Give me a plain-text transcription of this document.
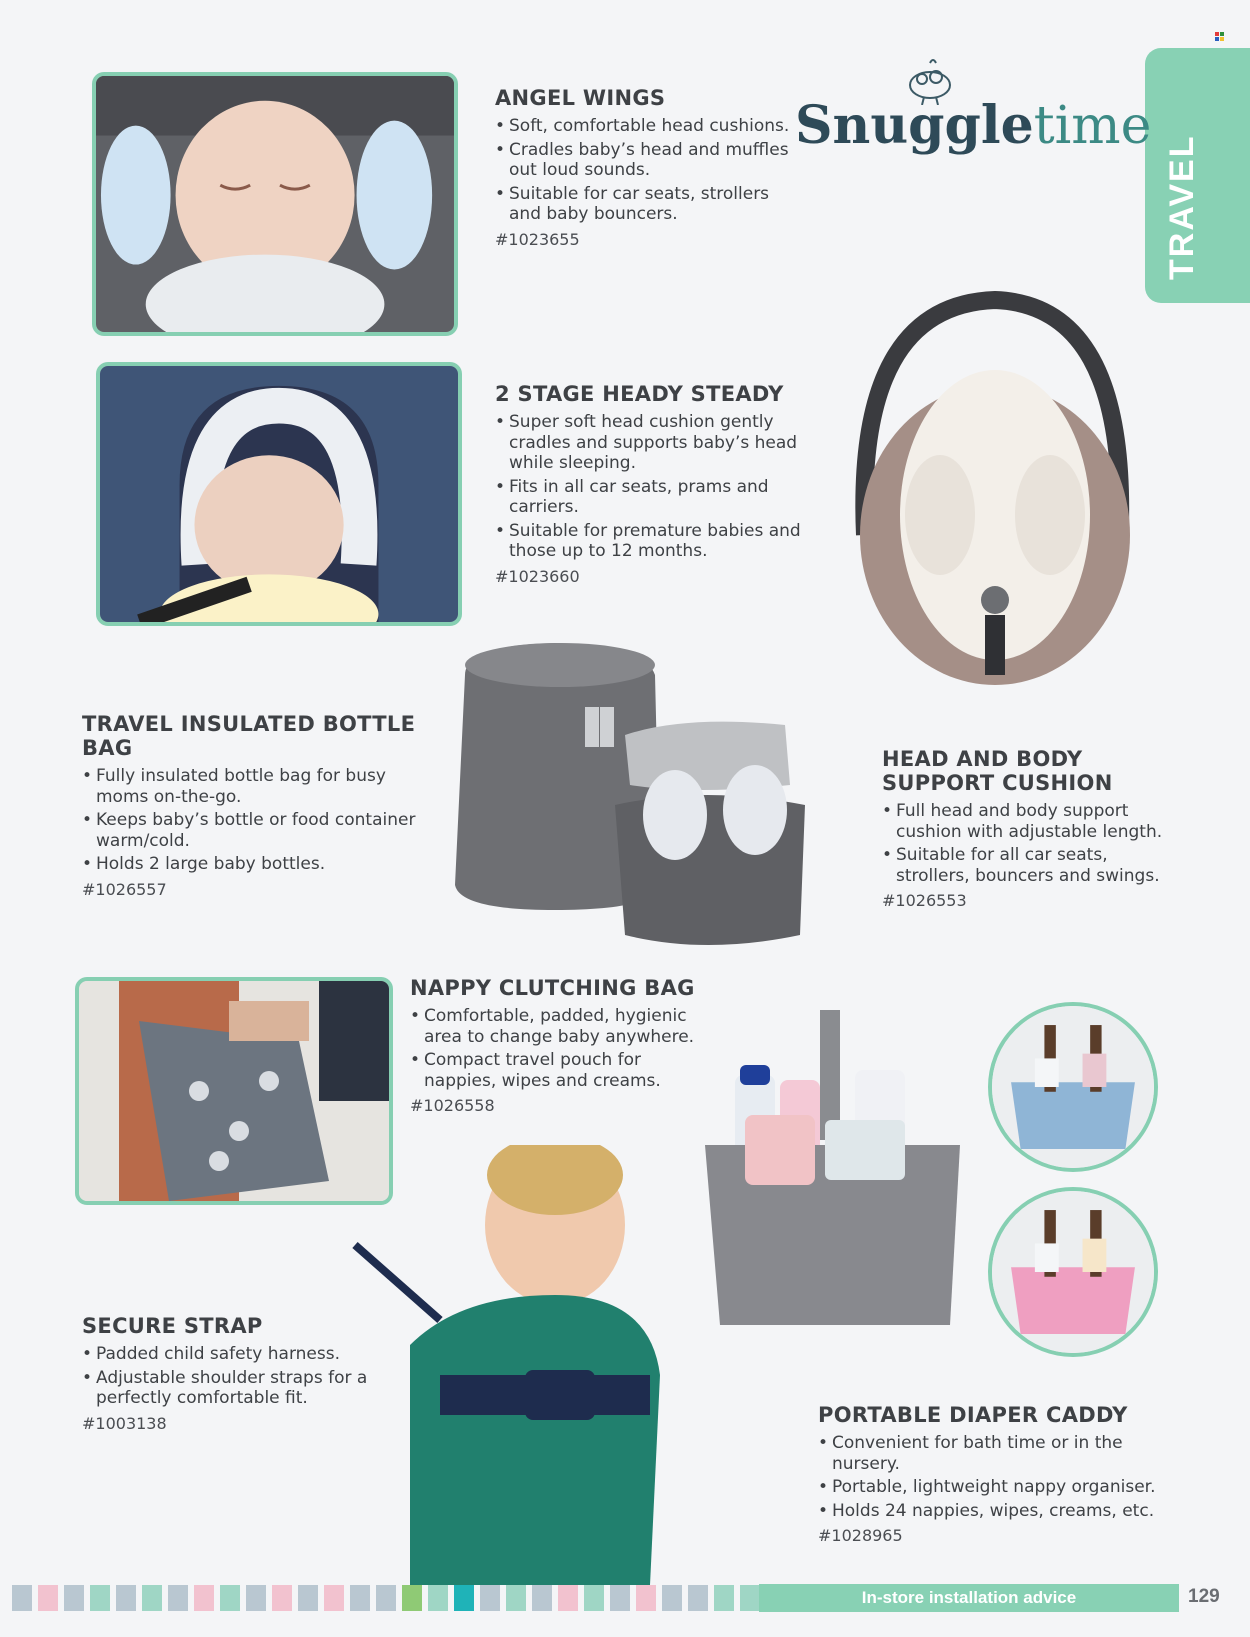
TRAVEL
Snuggletime
ANGEL WINGS
• Soft, comfortable head cushions.
• Cradles baby’s head and muffles out loud sounds.
• Suitable for car seats, strollers and baby bouncers.
#1023655
2 STAGE HEADY STEADY
• Super soft head cushion gently cradles and supports baby’s head while sleeping.
• Fits in all car seats, prams and carriers.
• Suitable for premature babies and those up to 12 months.
#1023660
TRAVEL INSULATED BOTTLE BAG
• Fully insulated bottle bag for busy moms on-the-go.
• Keeps baby’s bottle or food container warm/cold.
• Holds 2 large baby bottles.
#1026557
HEAD AND BODY
SUPPORT CUSHION
• Full head and body support cushion with adjustable length.
• Suitable for all car seats, strollers, bouncers and swings.
#1026553
NAPPY CLUTCHING BAG
• Comfortable, padded, hygienic area to change baby anywhere.
• Compact travel pouch for nappies, wipes and creams.
#1026558
SECURE STRAP
• Padded child safety harness.
• Adjustable shoulder straps for a perfectly comfortable fit.
#1003138	PORTABLE DIAPER CADDY
• Convenient for bath time or in the nursery.
• Portable, lightweight nappy organiser.
• Holds 24 nappies, wipes, creams, etc.
#1028965
In-store installation advice	129
